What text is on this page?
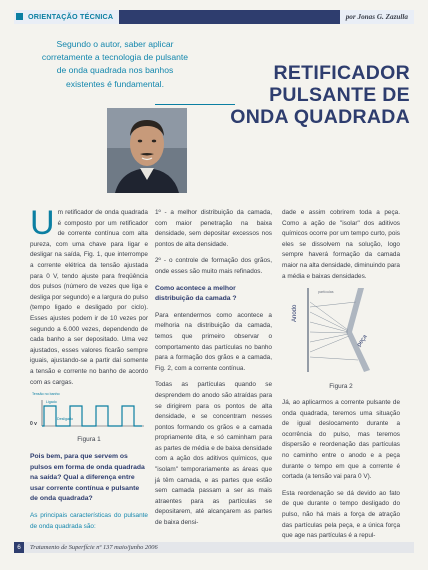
ORIENTAÇÃO TÉCNICA	por Jonas G. Zazulla
Segundo o autor, saber aplicar corretamente a tecnologia de pulsante de onda quadrada nos banhos existentes é fundamental.	RETIFICADOR
PULSANTE DE
ONDA QUADRADA

U m retificador de onda quadrada é composto por um retificador de corrente contínua com alta pureza, com uma chave para ligar e desligar na saída, Fig. 1, que interrompe a corrente elétrica da tensão ajustada para 0 V, tendo ajuste para freqüência dos pulsos (número de vezes que liga e desliga por segundo) e a largura do pulso (tempo ligado e desligado por ciclo). Esses ajustes podem ir de 10 vezes por segundo a 6.000 vezes, dependendo de cada banho a ser depositado. Uma vez ajustados, esses valores ficarão sempre iguais, ajustando-se a partir daí somente a tensão e corrente no banho de acordo com as cargas.

Tensão no banho
Ligado
Desligado
0 v
Figura 1

Pois bem, para que servem os pulsos em forma de onda quadrada na saída? Qual a diferença entre usar corrente contínua e pulsante de onda quadrada?

As principais características do pulsante de onda quadrada são:

1º - a melhor distribuição da camada, com maior penetração na baixa densidade, sem depositar excessos nos pontos de alta densidade.

2º - o controle de formação dos grãos, onde esses são muito mais refinados.

Como acontece a melhor distribuição da camada ?

Para entendermos como acontece a melhoria na distribuição da camada, temos que primeiro observar o comportamento das partículas no banho para a formação dos grãos e a camada, Fig. 2, com a corrente contínua.

Todas as partículas quando se desprendem do anodo são atraídas para se dirigirem para os pontos de alta densidade, e se concentram nesses pontos formando os grãos e a camada propriamente dita, e só caminham para as partes de média e de baixa densidade com a ação dos aditivos químicos, que "isolam" temporariamente as áreas que já têm camada, e as partes que estão sem camada passam a ser as mais atraentes para as partículas se depositarem, até alcançarem as partes de baixa densi-

dade e assim cobrirem toda a peça. Como a ação de "isolar" dos aditivos químicos ocorre por um tempo curto, pois eles se dissolvem na solução, logo sempre haverá formação da camada maior na alta densidade, diminuindo para a média e baixas densidades.

Anodo
peça
partículas
Figura 2

Já, ao aplicarmos a corrente pulsante de onda quadrada, teremos uma situação de igual deslocamento durante a ocorrência do pulso, mas teremos dispersão e reordenação das partículas no caminho entre o anodo e a peça durante o tempo em que a corrente é cortada (a tensão vai para 0 V).

Esta reordenação se dá devido ao fato de que durante o tempo desligado do pulso, não há mais a força de atração das partículas pela peça, e a única força que age nas partículas é a repul-

6	Tratamento de Superfície nº 137 maio/junho 2006
